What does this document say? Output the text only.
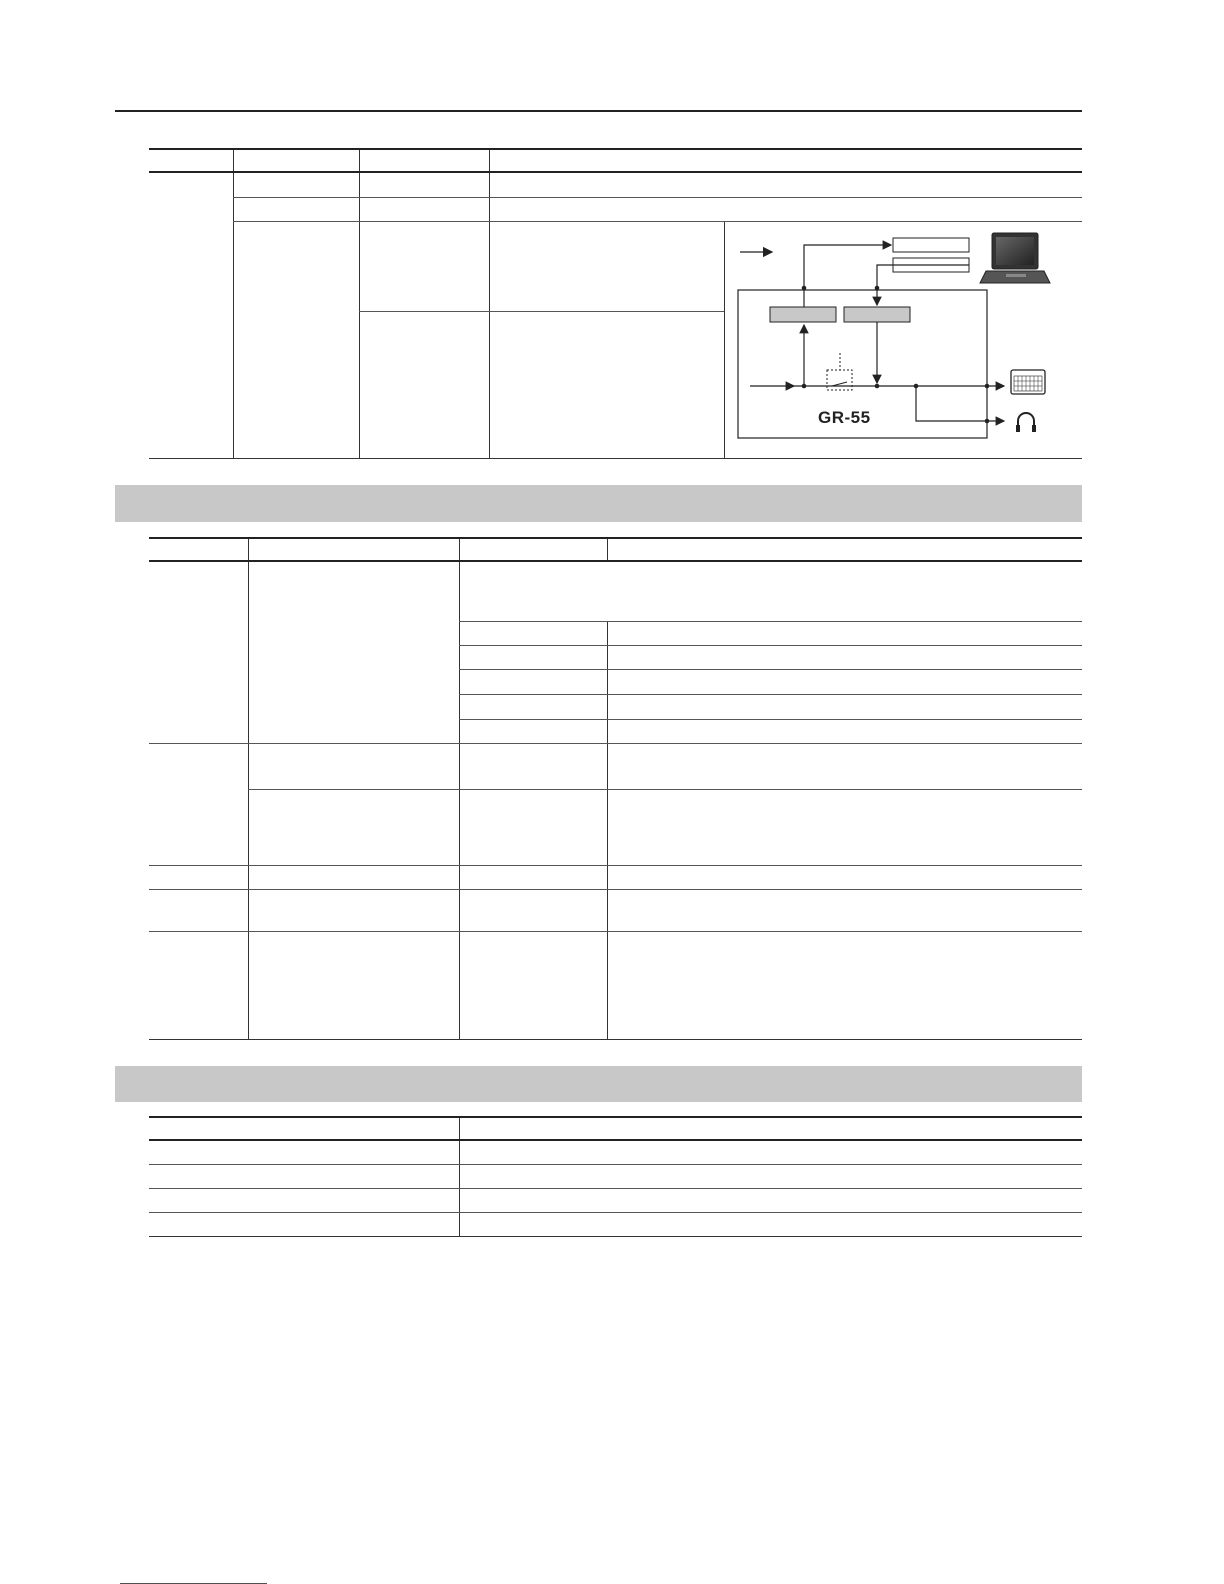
GR-55
